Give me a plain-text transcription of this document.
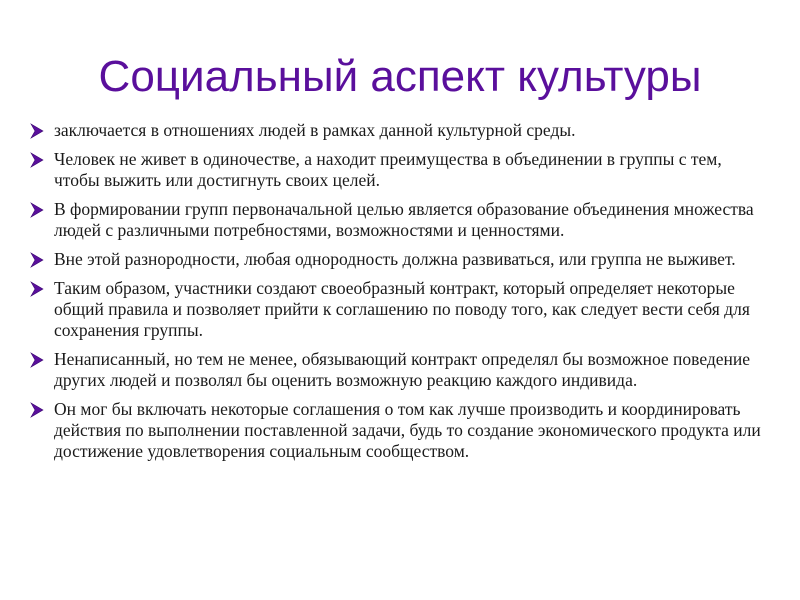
Социальный аспект культуры
заключается в отношениях людей в рамках данной культурной среды.
Человек не живет в одиночестве, а находит преимущества в объединении в группы с тем, чтобы выжить или достигнуть своих целей.
В формировании групп первоначальной целью является образование объединения множества людей с различными потребностями, возможностями и ценностями.
Вне этой разнородности, любая однородность должна развиваться, или группа не выживет.
Таким образом, участники создают своеобразный контракт, который определяет некоторые общий правила и позволяет прийти к соглашению по поводу того, как следует вести себя для сохранения группы.
Ненаписанный, но тем не менее, обязывающий контракт определял бы возможное поведение других людей и позволял бы оценить возможную реакцию каждого индивида.
Он мог бы включать некоторые соглашения о том как лучше производить и координировать действия по выполнении поставленной задачи, будь то создание экономического продукта или достижение удовлетворения социальным сообществом.
